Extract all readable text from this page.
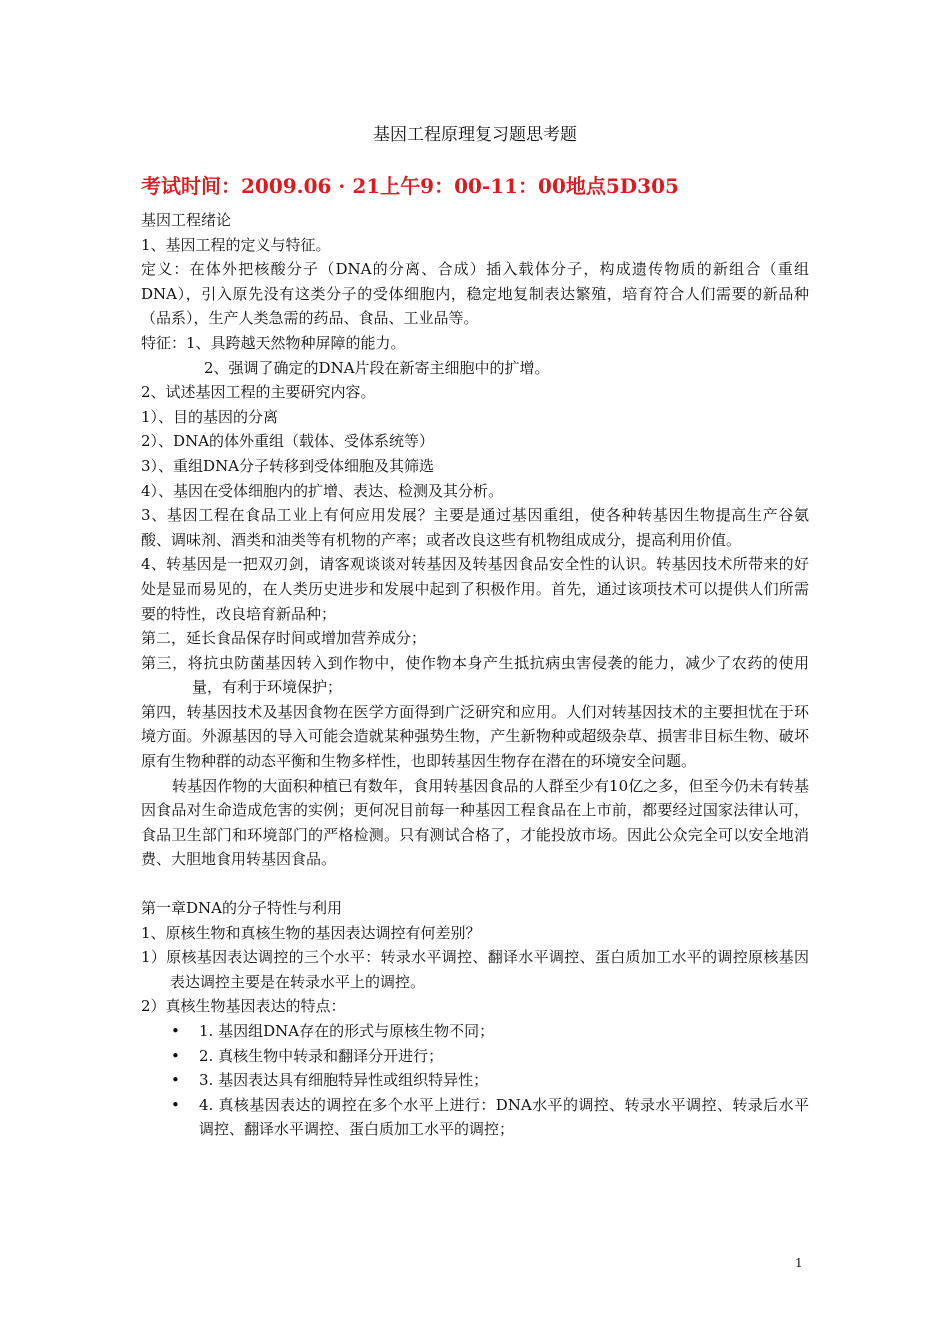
基因工程原理复习题思考题
考试时间：2009.06 · 21上午9：00-11：00地点5D305

基因工程绪论

1、基因工程的定义与特征。

定义：在体外把核酸分子（DNA的分离、合成）插入载体分子，构成遗传物质的新组合（重组DNA），引入原先没有这类分子的受体细胞内，稳定地复制表达繁殖，培育符合人们需要的新品种（品系），生产人类急需的药品、食品、工业品等。

特征：1、具跨越天然物种屏障的能力。

2、强调了确定的DNA片段在新寄主细胞中的扩增。

2、试述基因工程的主要研究内容。

1）、目的基因的分离

2）、DNA的体外重组（载体、受体系统等）

3）、重组DNA分子转移到受体细胞及其筛选

4）、基因在受体细胞内的扩增、表达、检测及其分析。

3、基因工程在食品工业上有何应用发展？主要是通过基因重组，使各种转基因生物提高生产谷氨酸、调味剂、酒类和油类等有机物的产率；或者改良这些有机物组成成分，提高利用价值。

4、转基因是一把双刃剑，请客观谈谈对转基因及转基因食品安全性的认识。转基因技术所带来的好处是显而易见的，在人类历史进步和发展中起到了积极作用。首先，通过该项技术可以提供人们所需要的特性，改良培育新品种；

第二，延长食品保存时间或增加营养成分；

第三，将抗虫防菌基因转入到作物中，使作物本身产生抵抗病虫害侵袭的能力，减少了农药的使用量，有利于环境保护；

第四，转基因技术及基因食物在医学方面得到广泛研究和应用。人们对转基因技术的主要担忧在于环境方面。外源基因的导入可能会造就某种强势生物，产生新物种或超级杂草、损害非目标生物、破坏原有生物种群的动态平衡和生物多样性，也即转基因生物存在潜在的环境安全问题。

转基因作物的大面积种植已有数年，食用转基因食品的人群至少有10亿之多，但至今仍未有转基因食品对生命造成危害的实例；更何况目前每一种基因工程食品在上市前，都要经过国家法律认可，食品卫生部门和环境部门的严格检测。只有测试合格了，才能投放市场。因此公众完全可以安全地消费、大胆地食用转基因食品。

第一章DNA的分子特性与利用

1、原核生物和真核生物的基因表达调控有何差别？

1）原核基因表达调控的三个水平：转录水平调控、翻译水平调控、蛋白质加工水平的调控原核基因表达调控主要是在转录水平上的调控。

2）真核生物基因表达的特点：

• 1. 基因组DNA存在的形式与原核生物不同；
• 2. 真核生物中转录和翻译分开进行；
• 3. 基因表达具有细胞特异性或组织特异性；
• 4. 真核基因表达的调控在多个水平上进行：DNA水平的调控、转录水平调控、转录后水平调控、翻译水平调控、蛋白质加工水平的调控；
1
